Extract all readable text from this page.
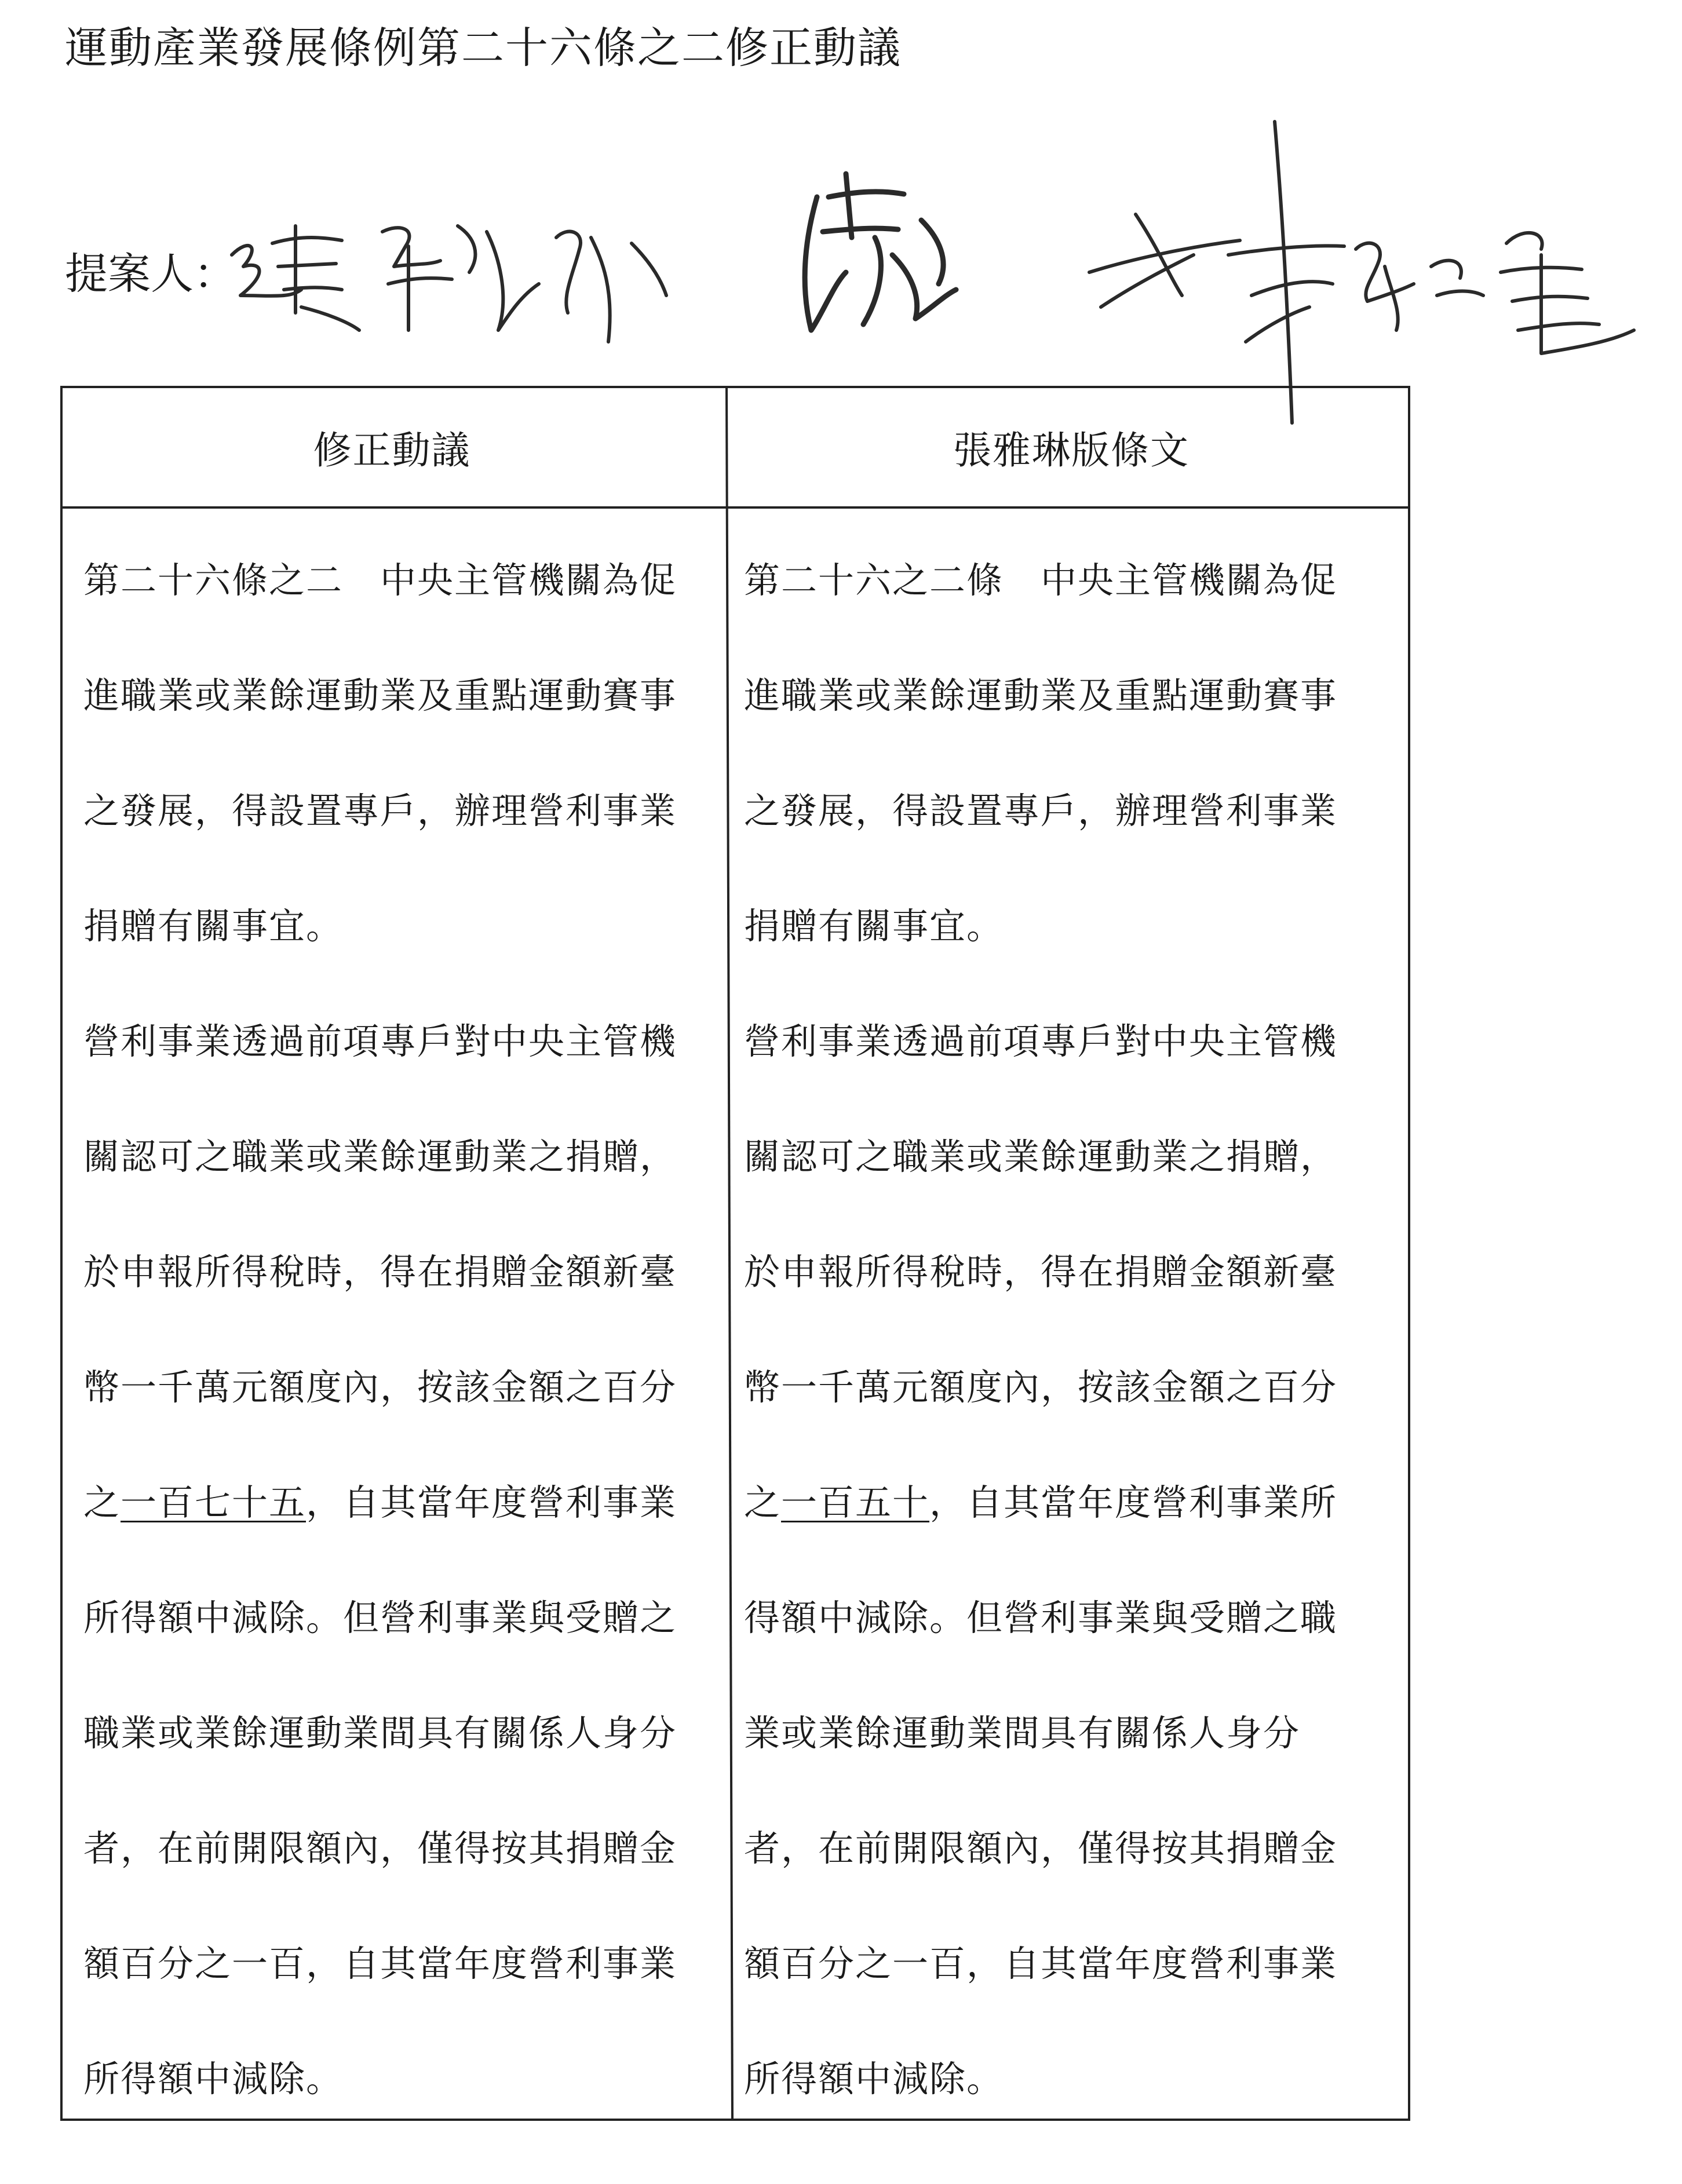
運動產業發展條例第二十六條之二修正動議
提案人：
修正動議	張雅琳版條文
第二十六條之二　中央主管機關為促
進職業或業餘運動業及重點運動賽事
之發展，得設置專戶，辦理營利事業
捐贈有關事宜。
營利事業透過前項專戶對中央主管機
關認可之職業或業餘運動業之捐贈，
於申報所得稅時，得在捐贈金額新臺
幣一千萬元額度內，按該金額之百分
之一百七十五，自其當年度營利事業
所得額中減除。但營利事業與受贈之
職業或業餘運動業間具有關係人身分
者，在前開限額內，僅得按其捐贈金
額百分之一百，自其當年度營利事業
所得額中減除。
第二十六之二條　中央主管機關為促
進職業或業餘運動業及重點運動賽事
之發展，得設置專戶，辦理營利事業
捐贈有關事宜。
營利事業透過前項專戶對中央主管機
關認可之職業或業餘運動業之捐贈，
於申報所得稅時，得在捐贈金額新臺
幣一千萬元額度內，按該金額之百分
之一百五十，自其當年度營利事業所
得額中減除。但營利事業與受贈之職
業或業餘運動業間具有關係人身分
者，在前開限額內，僅得按其捐贈金
額百分之一百，自其當年度營利事業
所得額中減除。
